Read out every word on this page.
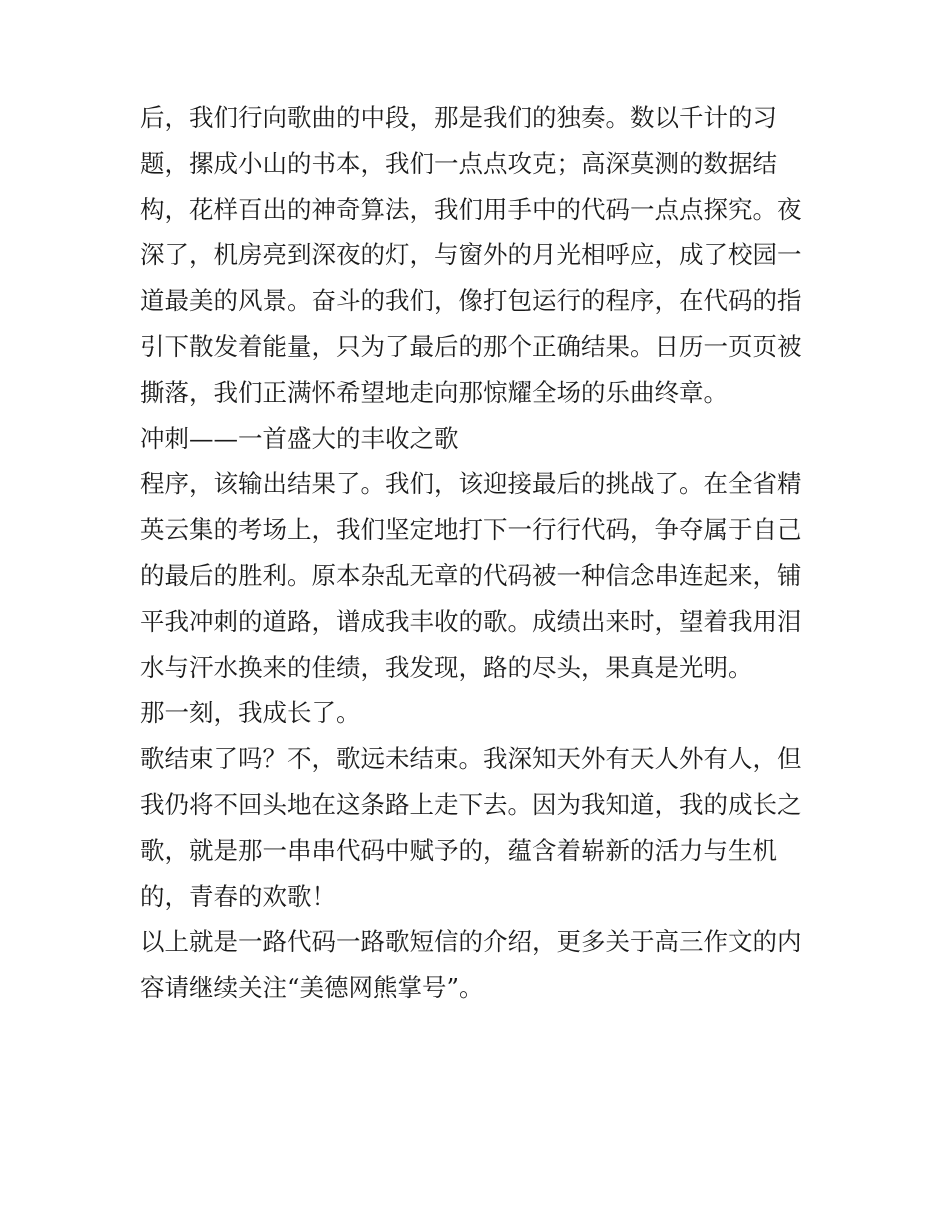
后，我们行向歌曲的中段，那是我们的独奏。数以千计的习
题，摞成小山的书本，我们一点点攻克；高深莫测的数据结
构，花样百出的神奇算法，我们用手中的代码一点点探究。夜
深了，机房亮到深夜的灯，与窗外的月光相呼应，成了校园一
道最美的风景。奋斗的我们，像打包运行的程序，在代码的指
引下散发着能量，只为了最后的那个正确结果。日历一页页被
撕落，我们正满怀希望地走向那惊耀全场的乐曲终章。
冲刺——一首盛大的丰收之歌
程序，该输出结果了。我们，该迎接最后的挑战了。在全省精
英云集的考场上，我们坚定地打下一行行代码，争夺属于自己
的最后的胜利。原本杂乱无章的代码被一种信念串连起来，铺
平我冲刺的道路，谱成我丰收的歌。成绩出来时，望着我用泪
水与汗水换来的佳绩，我发现，路的尽头，果真是光明。
那一刻，我成长了。
歌结束了吗？不，歌远未结束。我深知天外有天人外有人，但
我仍将不回头地在这条路上走下去。因为我知道，我的成长之
歌，就是那一串串代码中赋予的，蕴含着崭新的活力与生机
的，青春的欢歌！
以上就是一路代码一路歌短信的介绍，更多关于高三作文的内
容请继续关注“美德网熊掌号”。
